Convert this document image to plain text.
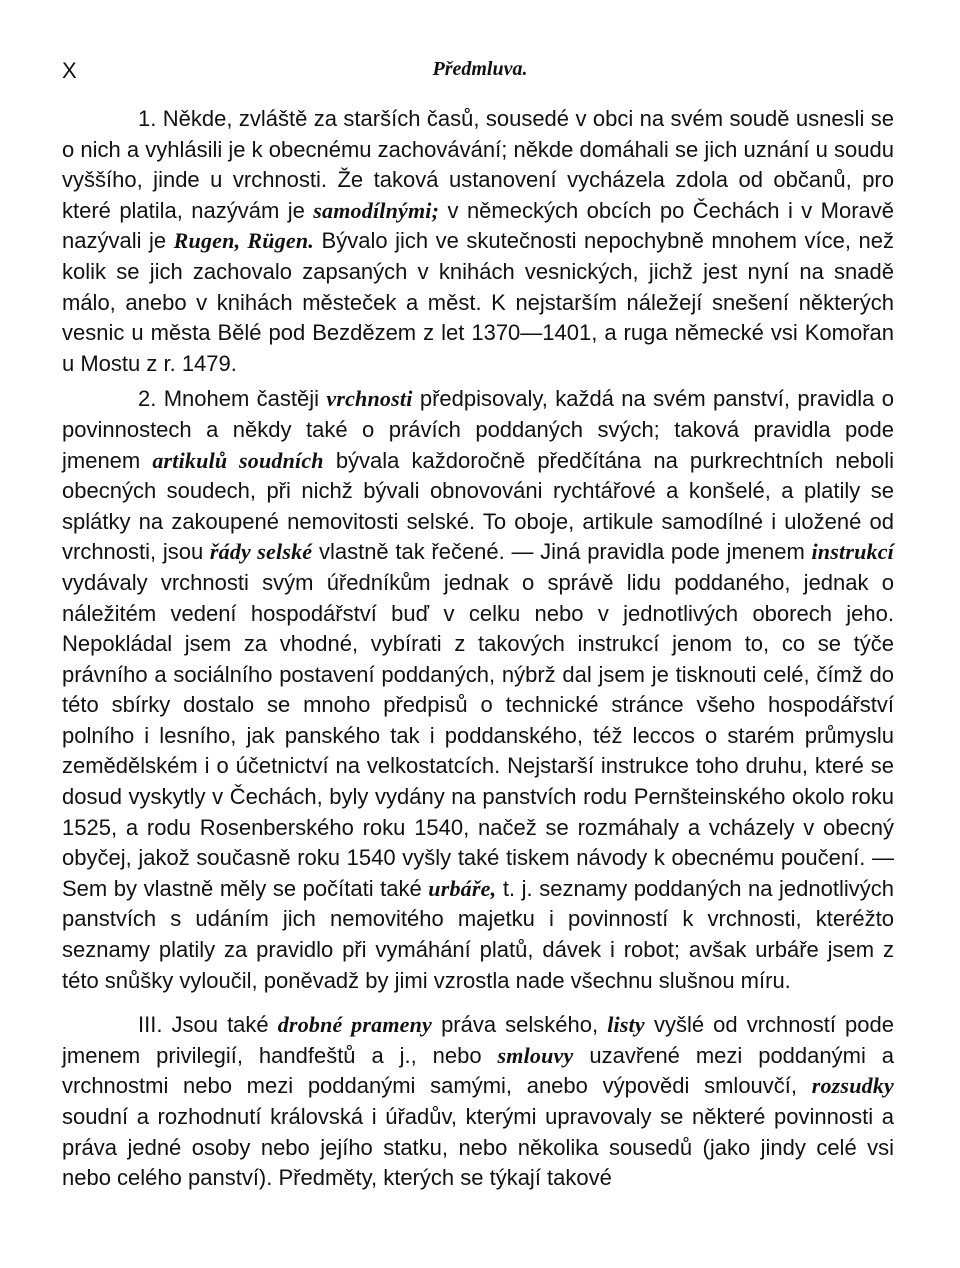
X	Předmluva.

1. Někde, zvláště za starších časů, sousedé v obci na svém soudě usnesli se o nich a vyhlásili je k obecnému zachovávání; někde domáhali se jich uznání u soudu vyššího, jinde u vrchnosti. Že taková ustanovení vycházela zdola od občanů, pro které platila, nazývám je samodílnými; v německých obcích po Čechách i v Moravě nazývali je Rugen, Rügen. Bývalo jich ve skutečnosti nepochybně mnohem více, než kolik se jich zachovalo zapsaných v knihách vesnických, jichž jest nyní na snadě málo, anebo v knihách městeček a měst. K nejstarším náležejí snešení některých vesnic u města Bělé pod Bezdězem z let 1370—1401, a ruga německé vsi Komořan u Mostu z r. 1479.

2. Mnohem častěji vrchnosti předpisovaly, každá na svém panství, pravidla o povinnostech a někdy také o právích poddaných svých; taková pravidla pode jmenem artikulů soudních bývala každoročně předčítána na purkrechtních neboli obecných soudech, při nichž bývali obnovováni rychtářové a konšelé, a platily se splátky na zakoupené nemovitosti selské. To oboje, artikule samodílné i uložené od vrchnosti, jsou řády selské vlastně tak řečené. — Jiná pravidla pode jmenem instrukcí vydávaly vrchnosti svým úředníkům jednak o správě lidu poddaného, jednak o náležitém vedení hospodářství buď v celku nebo v jednotlivých oborech jeho. Nepokládal jsem za vhodné, vybírati z takových instrukcí jenom to, co se týče právního a sociálního postavení poddaných, nýbrž dal jsem je tisknouti celé, čímž do této sbírky dostalo se mnoho předpisů o technické stránce všeho hospodářství polního i lesního, jak panského tak i poddanského, též leccos o starém průmyslu zemědělském i o účetnictví na velkostatcích. Nejstarší instrukce toho druhu, které se dosud vyskytly v Čechách, byly vydány na panstvích rodu Pernšteinského okolo roku 1525, a rodu Rosenberského roku 1540, načež se rozmáhaly a vcházely v obecný obyčej, jakož současně roku 1540 vyšly také tiskem návody k obecnému poučení. — Sem by vlastně měly se počítati také urbáře, t. j. seznamy poddaných na jednotlivých panstvích s udáním jich nemovitého majetku i povinností k vrchnosti, kteréžto seznamy platily za pravidlo při vymáhání platů, dávek i robot; avšak urbáře jsem z této snůšky vyloučil, poněvadž by jimi vzrostla nade všechnu slušnou míru.

III. Jsou také drobné prameny práva selského, listy vyšlé od vrchností pode jmenem privilegií, handfeštů a j., nebo smlouvy uzavřené mezi poddanými a vrchnostmi nebo mezi poddanými samými, anebo výpovědi smlouvčí, rozsudky soudní a rozhodnutí královská i úřadův, kterými upravovaly se některé povinnosti a práva jedné osoby nebo jejího statku, nebo několika sousedů (jako jindy celé vsi nebo celého panství). Předměty, kterých se týkají takové
